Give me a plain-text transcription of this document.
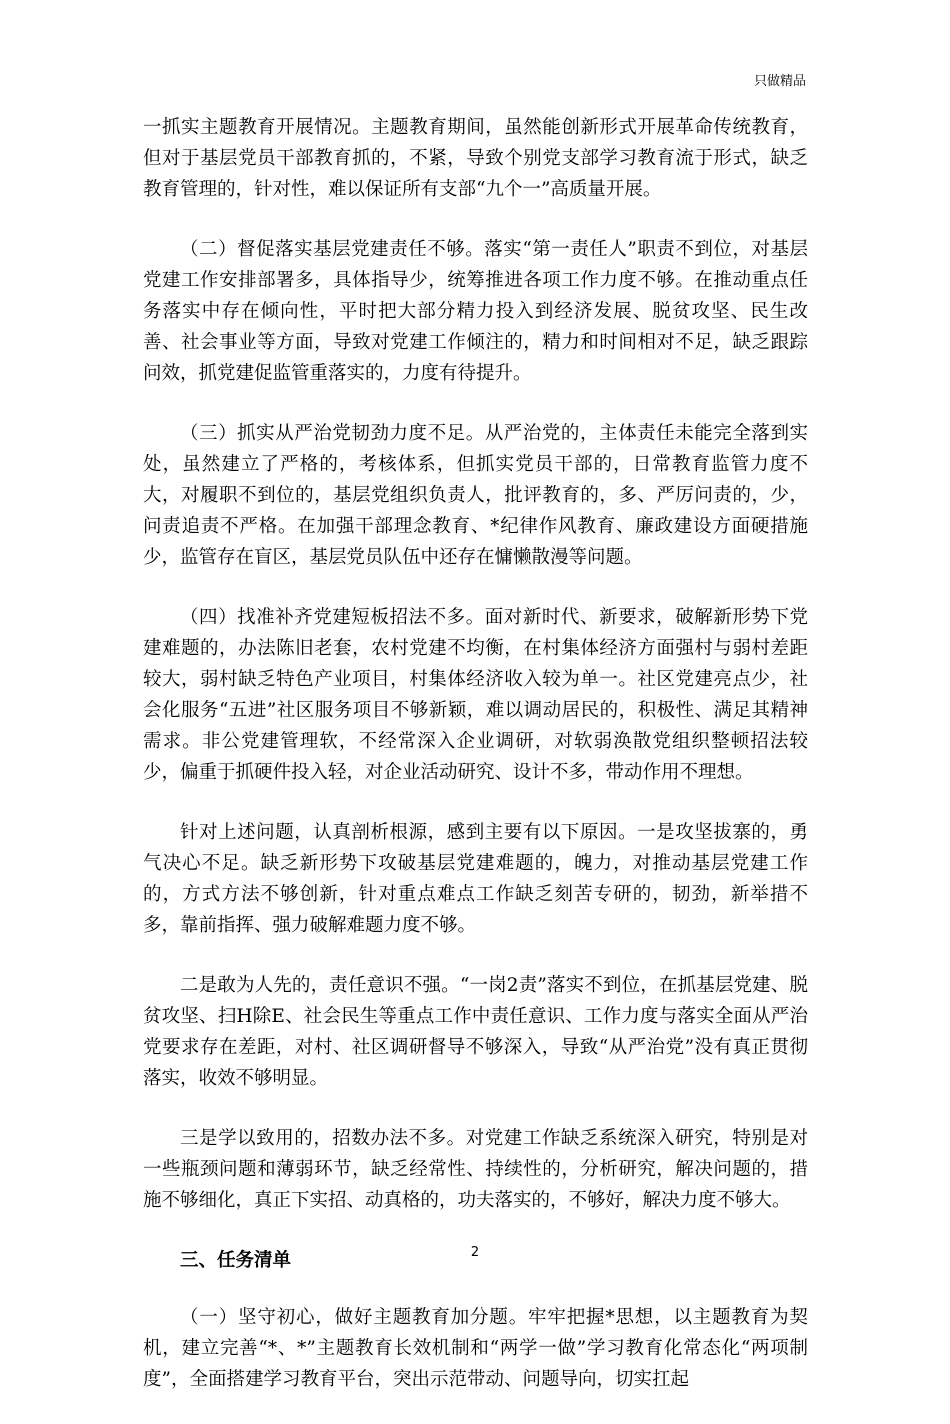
只做精品

一抓实主题教育开展情况。主题教育期间，虽然能创新形式开展革命传统教育，但对于基层党员干部教育抓的，不紧，导致个别党支部学习教育流于形式，缺乏教育管理的，针对性，难以保证所有支部“九个一”高质量开展。

（二）督促落实基层党建责任不够。落实“第一责任人”职责不到位，对基层党建工作安排部署多，具体指导少，统筹推进各项工作力度不够。在推动重点任务落实中存在倾向性，平时把大部分精力投入到经济发展、脱贫攻坚、民生改善、社会事业等方面，导致对党建工作倾注的，精力和时间相对不足，缺乏跟踪问效，抓党建促监管重落实的，力度有待提升。

（三）抓实从严治党韧劲力度不足。从严治党的，主体责任未能完全落到实处，虽然建立了严格的，考核体系，但抓实党员干部的，日常教育监管力度不大，对履职不到位的，基层党组织负责人，批评教育的，多、严厉问责的，少，问责追责不严格。在加强干部理念教育、*纪律作风教育、廉政建设方面硬措施少，监管存在盲区，基层党员队伍中还存在慵懒散漫等问题。

（四）找准补齐党建短板招法不多。面对新时代、新要求，破解新形势下党建难题的，办法陈旧老套，农村党建不均衡，在村集体经济方面强村与弱村差距较大，弱村缺乏特色产业项目，村集体经济收入较为单一。社区党建亮点少，社会化服务“五进”社区服务项目不够新颖，难以调动居民的，积极性、满足其精神需求。非公党建管理软，不经常深入企业调研，对软弱涣散党组织整顿招法较少，偏重于抓硬件投入轻，对企业活动研究、设计不多，带动作用不理想。

针对上述问题，认真剖析根源，感到主要有以下原因。一是攻坚拔寨的，勇气决心不足。缺乏新形势下攻破基层党建难题的，魄力，对推动基层党建工作的，方式方法不够创新，针对重点难点工作缺乏刻苦专研的，韧劲，新举措不多，靠前指挥、强力破解难题力度不够。

二是敢为人先的，责任意识不强。“一岗2责”落实不到位，在抓基层党建、脱贫攻坚、扫H除E、社会民生等重点工作中责任意识、工作力度与落实全面从严治党要求存在差距，对村、社区调研督导不够深入，导致“从严治党”没有真正贯彻落实，收效不够明显。

三是学以致用的，招数办法不多。对党建工作缺乏系统深入研究，特别是对一些瓶颈问题和薄弱环节，缺乏经常性、持续性的，分析研究，解决问题的，措施不够细化，真正下实招、动真格的，功夫落实的，不够好，解决力度不够大。

三、任务清单

（一）坚守初心，做好主题教育加分题。牢牢把握*思想，以主题教育为契机，建立完善“*、*”主题教育长效机制和“两学一做”学习教育化常态化“两项制度”，全面搭建学习教育平台，突出示范带动、问题导向，切实扛起

2
